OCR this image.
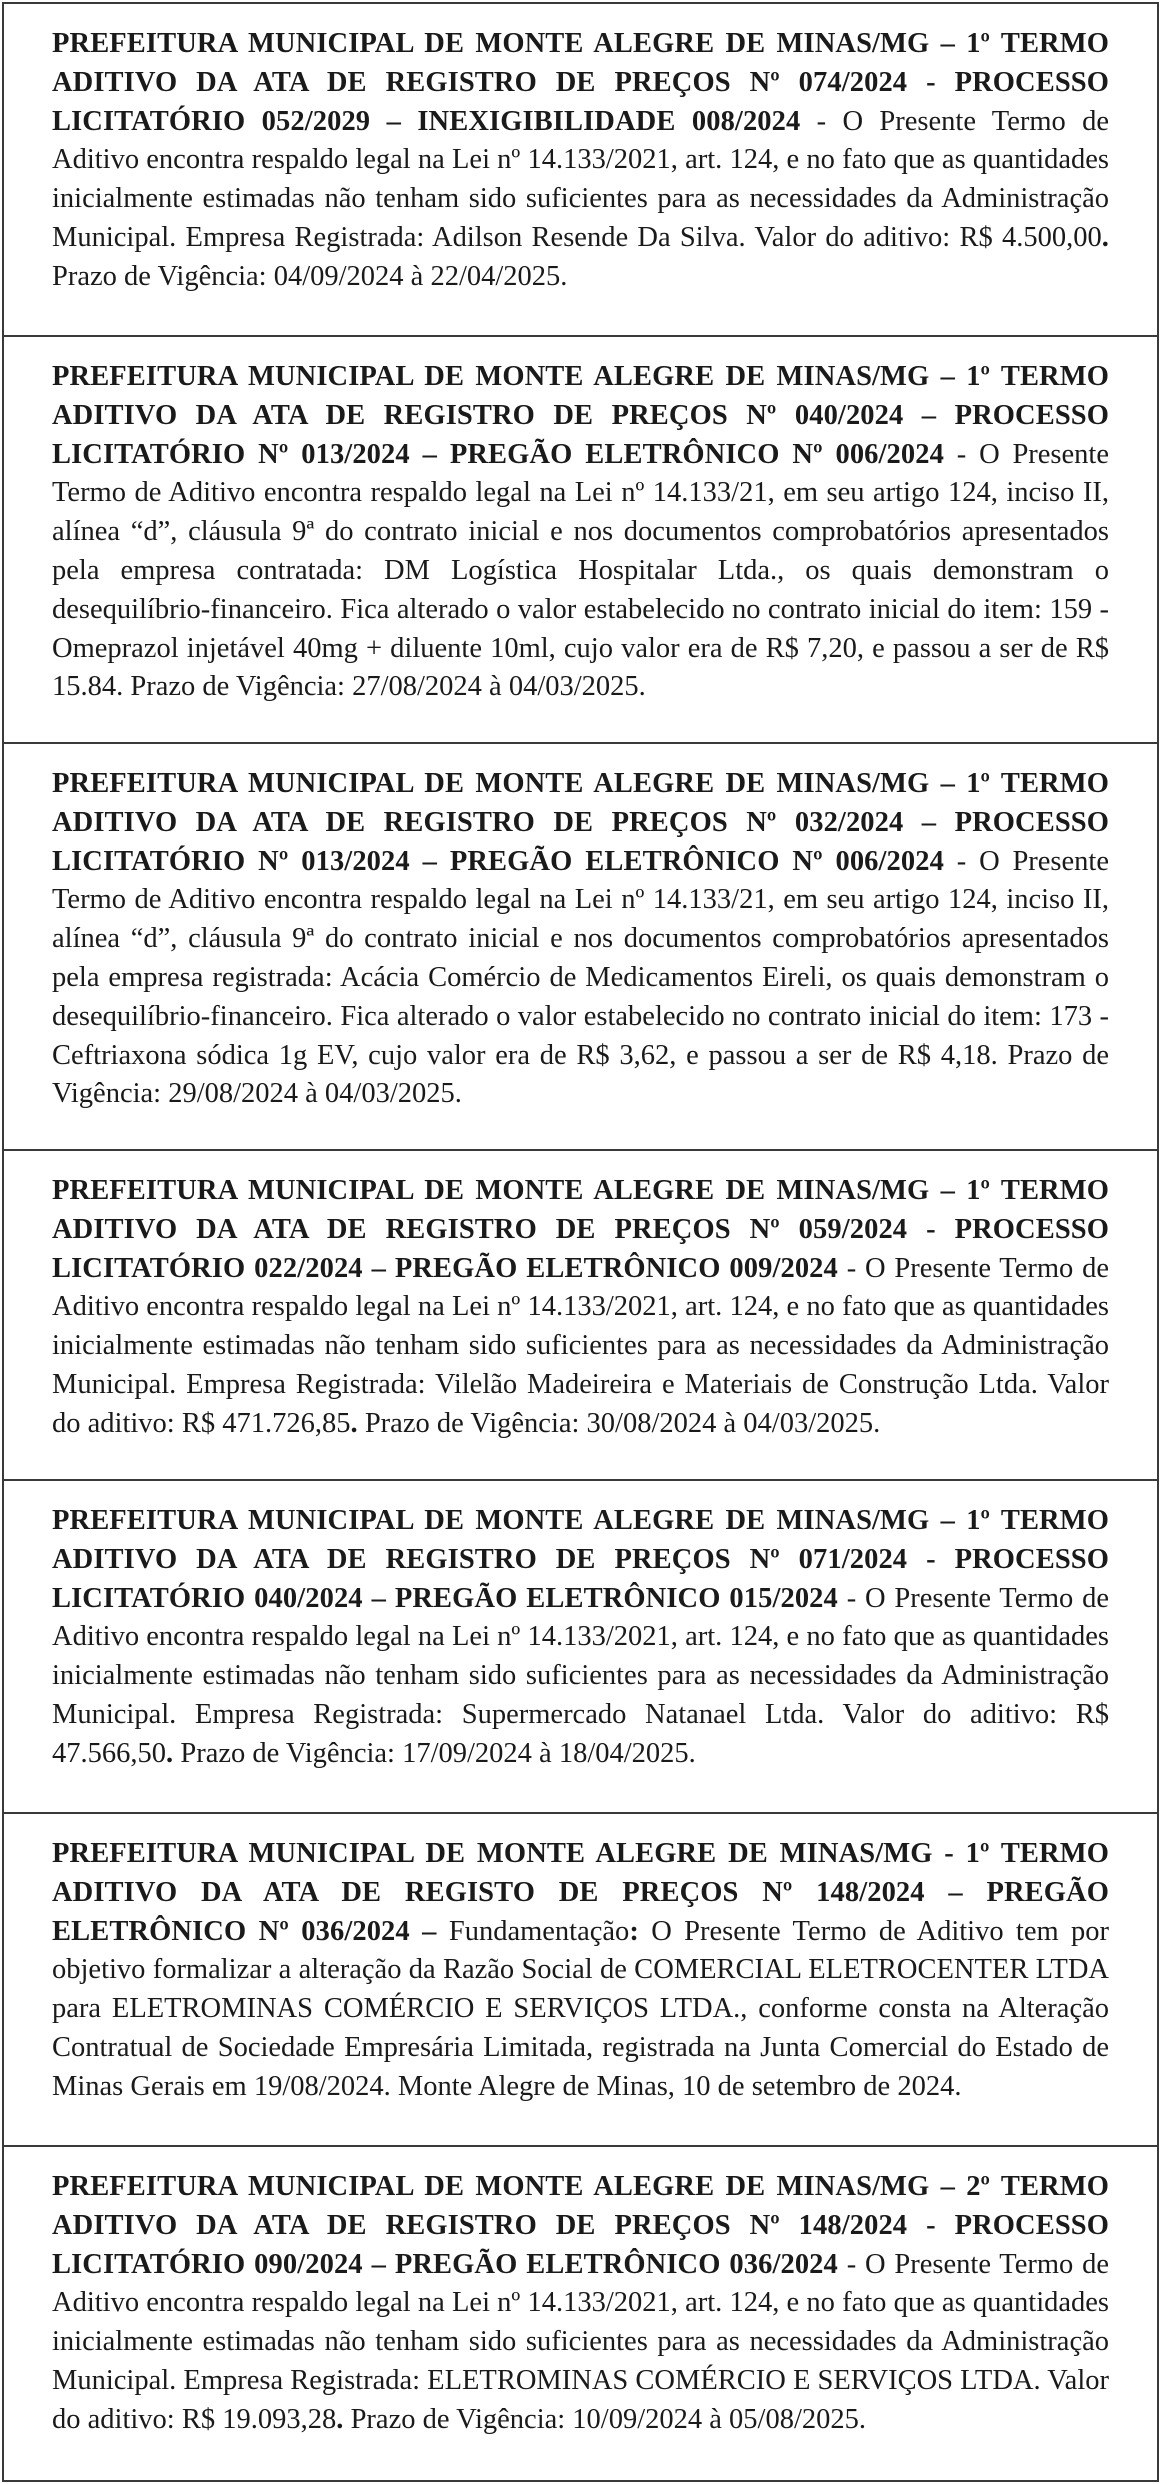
PREFEITURA MUNICIPAL DE MONTE ALEGRE DE MINAS/MG – 1º TERMO ADITIVO DA ATA DE REGISTRO DE PREÇOS Nº 074/2024 - PROCESSO LICITATÓRIO 052/2029 – INEXIGIBILIDADE 008/2024 - O Presente Termo de Aditivo encontra respaldo legal na Lei nº 14.133/2021, art. 124, e no fato que as quantidades inicialmente estimadas não tenham sido suficientes para as necessidades da Administração Municipal. Empresa Registrada: Adilson Resende Da Silva. Valor do aditivo: R$ 4.500,00. Prazo de Vigência: 04/09/2024 à 22/04/2025.

PREFEITURA MUNICIPAL DE MONTE ALEGRE DE MINAS/MG – 1º TERMO ADITIVO DA ATA DE REGISTRO DE PREÇOS Nº 040/2024 – PROCESSO LICITATÓRIO Nº 013/2024 – PREGÃO ELETRÔNICO Nº 006/2024 - O Presente Termo de Aditivo encontra respaldo legal na Lei nº 14.133/21, em seu artigo 124, inciso II, alínea “d”, cláusula 9ª do contrato inicial e nos documentos comprobatórios apresentados pela empresa contratada: DM Logística Hospitalar Ltda., os quais demonstram o desequilíbrio-financeiro. Fica alterado o valor estabelecido no contrato inicial do item: 159 - Omeprazol injetável 40mg + diluente 10ml, cujo valor era de R$ 7,20, e passou a ser de R$ 15.84. Prazo de Vigência: 27/08/2024 à 04/03/2025.

PREFEITURA MUNICIPAL DE MONTE ALEGRE DE MINAS/MG – 1º TERMO ADITIVO DA ATA DE REGISTRO DE PREÇOS Nº 032/2024 – PROCESSO LICITATÓRIO Nº 013/2024 – PREGÃO ELETRÔNICO Nº 006/2024 - O Presente Termo de Aditivo encontra respaldo legal na Lei nº 14.133/21, em seu artigo 124, inciso II, alínea “d”, cláusula 9ª do contrato inicial e nos documentos comprobatórios apresentados pela empresa registrada: Acácia Comércio de Medicamentos Eireli, os quais demonstram o desequilíbrio-financeiro. Fica alterado o valor estabelecido no contrato inicial do item: 173 - Ceftriaxona sódica 1g EV, cujo valor era de R$ 3,62, e passou a ser de R$ 4,18. Prazo de Vigência: 29/08/2024 à 04/03/2025.

PREFEITURA MUNICIPAL DE MONTE ALEGRE DE MINAS/MG – 1º TERMO ADITIVO DA ATA DE REGISTRO DE PREÇOS Nº 059/2024 - PROCESSO LICITATÓRIO 022/2024 – PREGÃO ELETRÔNICO 009/2024 - O Presente Termo de Aditivo encontra respaldo legal na Lei nº 14.133/2021, art. 124, e no fato que as quantidades inicialmente estimadas não tenham sido suficientes para as necessidades da Administração Municipal. Empresa Registrada: Vilelão Madeireira e Materiais de Construção Ltda. Valor do aditivo: R$ 471.726,85. Prazo de Vigência: 30/08/2024 à 04/03/2025.

PREFEITURA MUNICIPAL DE MONTE ALEGRE DE MINAS/MG – 1º TERMO ADITIVO DA ATA DE REGISTRO DE PREÇOS Nº 071/2024 - PROCESSO LICITATÓRIO 040/2024 – PREGÃO ELETRÔNICO 015/2024 - O Presente Termo de Aditivo encontra respaldo legal na Lei nº 14.133/2021, art. 124, e no fato que as quantidades inicialmente estimadas não tenham sido suficientes para as necessidades da Administração Municipal. Empresa Registrada: Supermercado Natanael Ltda. Valor do aditivo: R$ 47.566,50. Prazo de Vigência: 17/09/2024 à 18/04/2025.

PREFEITURA MUNICIPAL DE MONTE ALEGRE DE MINAS/MG - 1º TERMO ADITIVO DA ATA DE REGISTO DE PREÇOS Nº 148/2024 – PREGÃO ELETRÔNICO Nº 036/2024 – Fundamentação: O Presente Termo de Aditivo tem por objetivo formalizar a alteração da Razão Social de COMERCIAL ELETROCENTER LTDA para ELETROMINAS COMÉRCIO E SERVIÇOS LTDA., conforme consta na Alteração Contratual de Sociedade Empresária Limitada, registrada na Junta Comercial do Estado de Minas Gerais em 19/08/2024. Monte Alegre de Minas, 10 de setembro de 2024.

PREFEITURA MUNICIPAL DE MONTE ALEGRE DE MINAS/MG – 2º TERMO ADITIVO DA ATA DE REGISTRO DE PREÇOS Nº 148/2024 - PROCESSO LICITATÓRIO 090/2024 – PREGÃO ELETRÔNICO 036/2024 - O Presente Termo de Aditivo encontra respaldo legal na Lei nº 14.133/2021, art. 124, e no fato que as quantidades inicialmente estimadas não tenham sido suficientes para as necessidades da Administração Municipal. Empresa Registrada: ELETROMINAS COMÉRCIO E SERVIÇOS LTDA. Valor do aditivo: R$ 19.093,28. Prazo de Vigência: 10/09/2024 à 05/08/2025.
